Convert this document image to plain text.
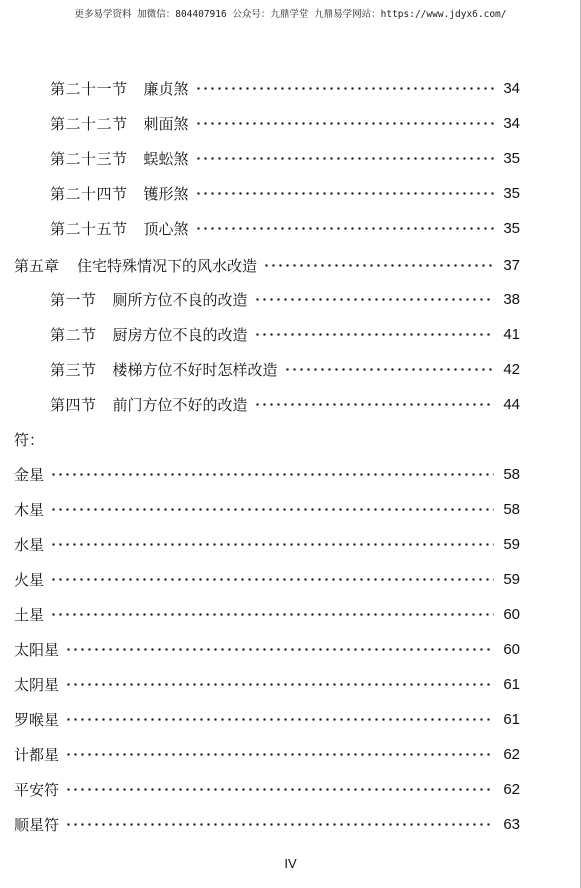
更多易学资料 加微信：804407916 公众号：九鼎学堂 九鼎易学网站：https://www.jdyx6.com/
第二十一节 廉贞煞	34
第二十二节 刺面煞	34
第二十三节 蜈蚣煞	35
第二十四节 镬形煞	35
第二十五节 顶心煞	35
第五章 住宅特殊情况下的风水改造	37
第一节 厕所方位不良的改造	38
第二节 厨房方位不良的改造	41
第三节 楼梯方位不好时怎样改造	42
第四节 前门方位不好的改造	44
符：
金星	58
木星	58
水星	59
火星	59
土星	60
太阳星	60
太阴星	61
罗喉星	61
计都星	62
平安符	62
顺星符	63
IV
